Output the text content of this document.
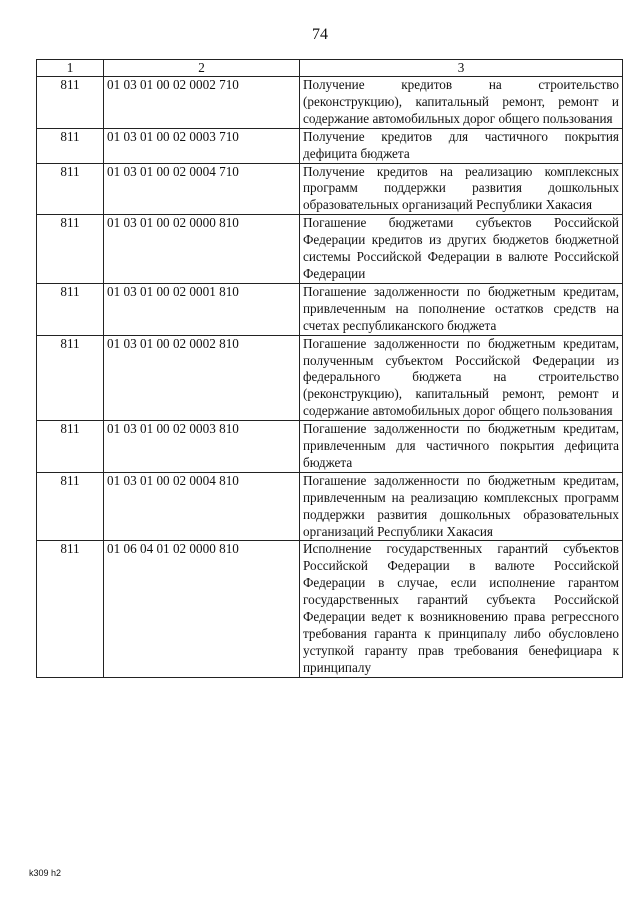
74
1	2	3
811	01 03 01 00 02 0002 710	Получение кредитов на строительство (реконструкцию), капитальный ремонт, ремонт и содержание автомобильных дорог общего пользования
811	01 03 01 00 02 0003 710	Получение кредитов для частичного покрытия дефицита бюджета
811	01 03 01 00 02 0004 710	Получение кредитов на реализацию комплексных программ поддержки развития дошкольных образовательных организаций Республики Хакасия
811	01 03 01 00 02 0000 810	Погашение бюджетами субъектов Российской Федерации кредитов из других бюджетов бюджетной системы Российской Федерации в валюте Российской Федерации
811	01 03 01 00 02 0001 810	Погашение задолженности по бюджетным кредитам, привлеченным на пополнение остатков средств на счетах республиканского бюджета
811	01 03 01 00 02 0002 810	Погашение задолженности по бюджетным кредитам, полученным субъектом Российской Федерации из федерального бюджета на строительство (реконструкцию), капитальный ремонт, ремонт и содержание автомобильных дорог общего пользования
811	01 03 01 00 02 0003 810	Погашение задолженности по бюджетным кредитам, привлеченным для частичного покрытия дефицита бюджета
811	01 03 01 00 02 0004 810	Погашение задолженности по бюджетным кредитам, привлеченным на реализацию комплексных программ поддержки развития дошкольных образовательных организаций Республики Хакасия
811	01 06 04 01 02 0000 810	Исполнение государственных гарантий субъектов Российской Федерации в валюте Российской Федерации в случае, если исполнение гарантом государственных гарантий субъекта Российской Федерации ведет к возникновению права регрессного требования гаранта к принципалу либо обусловлено уступкой гаранту прав требования бенефициара к принципалу
k309 h2
